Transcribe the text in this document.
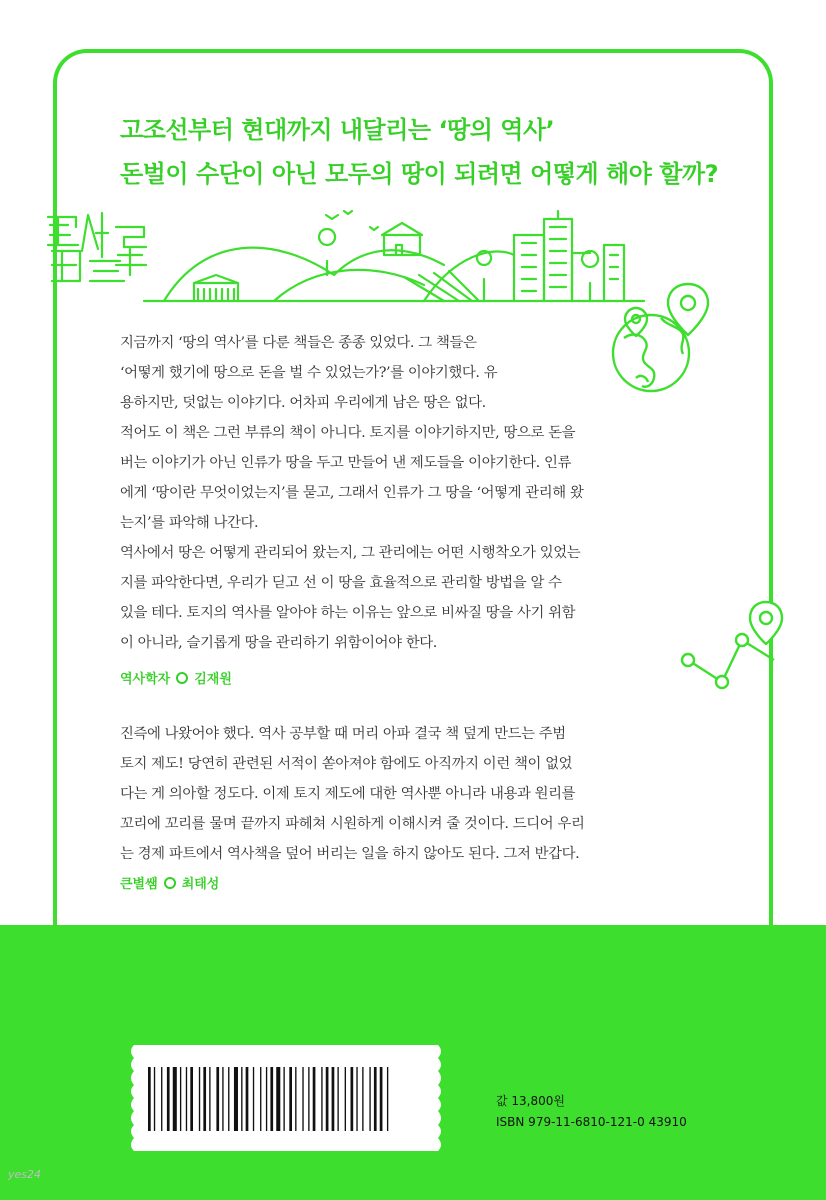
고조선부터 현대까지 내달리는 ‘땅의 역사’
돈벌이 수단이 아닌 모두의 땅이 되려면 어떻게 해야 할까?

지금까지 ‘땅의 역사’를 다룬 책들은 종종 있었다. 그 책들은

‘어떻게 했기에 땅으로 돈을 벌 수 있었는가?’를 이야기했다. 유

용하지만, 덧없는 이야기다. 어차피 우리에게 남은 땅은 없다.

적어도 이 책은 그런 부류의 책이 아니다. 토지를 이야기하지만, 땅으로 돈을

버는 이야기가 아닌 인류가 땅을 두고 만들어 낸 제도들을 이야기한다. 인류

에게 ‘땅이란 무엇이었는지’를 묻고, 그래서 인류가 그 땅을 ‘어떻게 관리해 왔

는지’를 파악해 나간다.

역사에서 땅은 어떻게 관리되어 왔는지, 그 관리에는 어떤 시행착오가 있었는

지를 파악한다면, 우리가 딛고 선 이 땅을 효율적으로 관리할 방법을 알 수

있을 테다. 토지의 역사를 알아야 하는 이유는 앞으로 비싸질 땅을 사기 위함

이 아니라, 슬기롭게 땅을 관리하기 위함이어야 한다.

역사학자 김재원

진즉에 나왔어야 했다. 역사 공부할 때 머리 아파 결국 책 덮게 만드는 주범

토지 제도! 당연히 관련된 서적이 쏟아져야 함에도 아직까지 이런 책이 없었

다는 게 의아할 정도다. 이제 토지 제도에 대한 역사뿐 아니라 내용과 원리를

꼬리에 꼬리를 물며 끝까지 파헤쳐 시원하게 이해시켜 줄 것이다. 드디어 우리

는 경제 파트에서 역사책을 덮어 버리는 일을 하지 않아도 된다. 그저 반갑다.

큰별쌤 최태성
값 13,800원
ISBN 979-11-6810-121-0 43910
yes24
